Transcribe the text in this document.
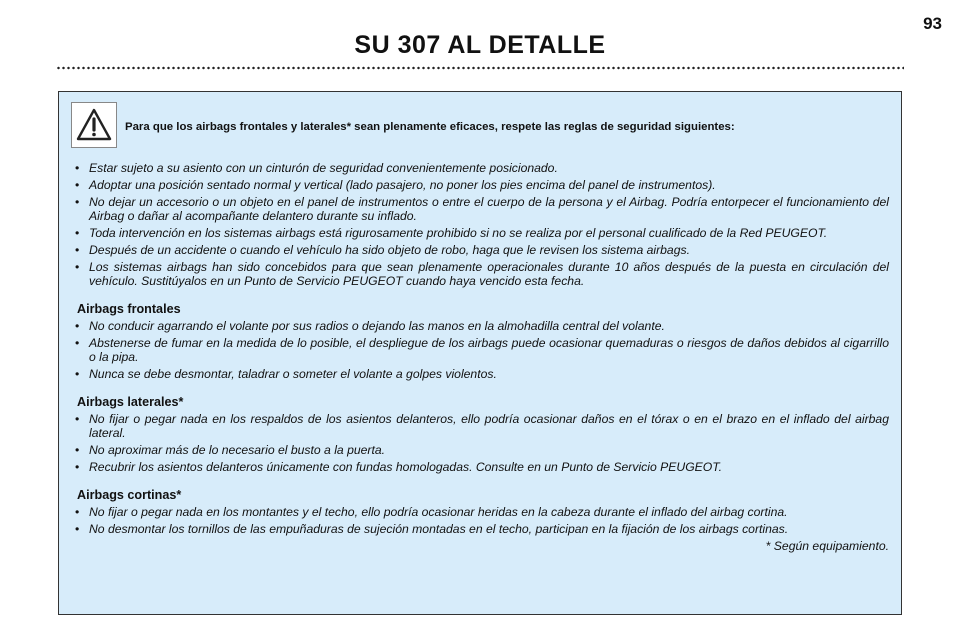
93
SU 307 AL DETALLE
Para que los airbags frontales y laterales* sean plenamente eficaces, respete las reglas de seguridad siguientes:
• Estar sujeto a su asiento con un cinturón de seguridad convenientemente posicionado.
• Adoptar una posición sentado normal y vertical (lado pasajero, no poner los pies encima del panel de instrumentos).
• No dejar un accesorio o un objeto en el panel de instrumentos o entre el cuerpo de la persona y el Airbag. Podría entorpecer el funcionamiento del Airbag o dañar al acompañante delantero durante su inflado.
• Toda intervención en los sistemas airbags está rigurosamente prohibido si no se realiza por el personal cualificado de la Red PEUGEOT.
• Después de un accidente o cuando el vehículo ha sido objeto de robo, haga que le revisen los sistema airbags.
• Los sistemas airbags han sido concebidos para que sean plenamente operacionales durante 10 años después de la puesta en circulación del vehículo. Sustitúyalos en un Punto de Servicio PEUGEOT cuando haya vencido esta fecha.
Airbags frontales
• No conducir agarrando el volante por sus radios o dejando las manos en la almohadilla central del volante.
• Abstenerse de fumar en la medida de lo posible, el despliegue de los airbags puede ocasionar quemaduras o riesgos de daños debidos al cigarrillo o la pipa.
• Nunca se debe desmontar, taladrar o someter el volante a golpes violentos.
Airbags laterales*
• No fijar o pegar nada en los respaldos de los asientos delanteros, ello podría ocasionar daños en el tórax o en el brazo en el inflado del airbag lateral.
• No aproximar más de lo necesario el busto a la puerta.
• Recubrir los asientos delanteros únicamente con fundas homologadas. Consulte en un Punto de Servicio PEUGEOT.
Airbags cortinas*
• No fijar o pegar nada en los montantes y el techo, ello podría ocasionar heridas en la cabeza durante el inflado del airbag cortina.
• No desmontar los tornillos de las empuñaduras de sujeción montadas en el techo, participan en la fijación de los airbags cortinas.
* Según equipamiento.
